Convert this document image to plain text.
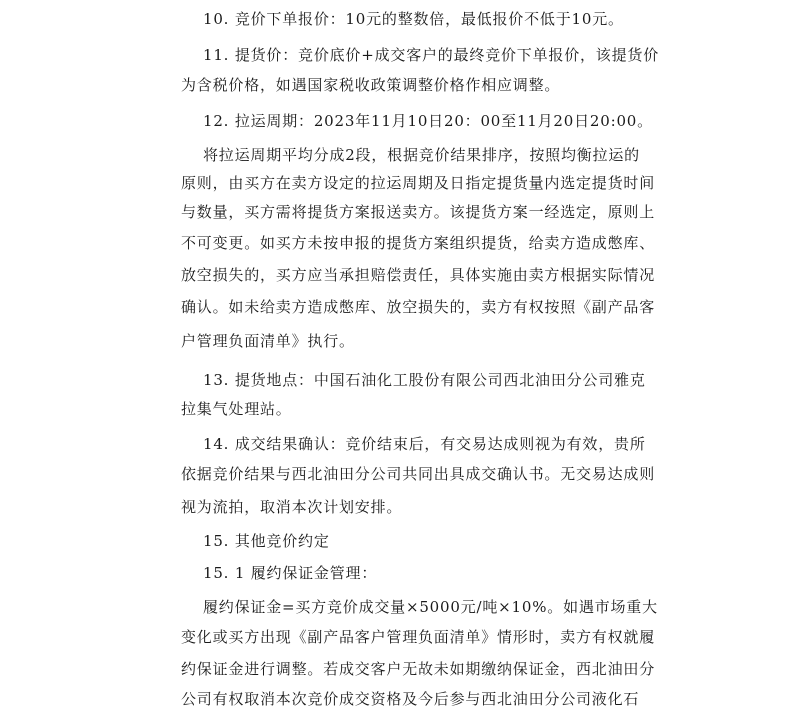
10. 竞价下单报价：10元的整数倍，最低报价不低于10元。
11. 提货价：竞价底价+成交客户的最终竞价下单报价，该提货价
为含税价格，如遇国家税收政策调整价格作相应调整。
12. 拉运周期：2023年11月10日20：00至11月20日20:00。
将拉运周期平均分成2段，根据竞价结果排序，按照均衡拉运的
原则，由买方在卖方设定的拉运周期及日指定提货量内选定提货时间
与数量，买方需将提货方案报送卖方。该提货方案一经选定，原则上
不可变更。如买方未按申报的提货方案组织提货，给卖方造成憋库、
放空损失的，买方应当承担赔偿责任，具体实施由卖方根据实际情况
确认。如未给卖方造成憋库、放空损失的，卖方有权按照《副产品客
户管理负面清单》执行。
13. 提货地点：中国石油化工股份有限公司西北油田分公司雅克
拉集气处理站。
14. 成交结果确认：竞价结束后，有交易达成则视为有效，贵所
依据竞价结果与西北油田分公司共同出具成交确认书。无交易达成则
视为流拍，取消本次计划安排。
15. 其他竞价约定
15. 1 履约保证金管理：
履约保证金=买方竞价成交量×5000元/吨×10%。如遇市场重大
变化或买方出现《副产品客户管理负面清单》情形时，卖方有权就履
约保证金进行调整。若成交客户无故未如期缴纳保证金，西北油田分
公司有权取消本次竞价成交资格及今后参与西北油田分公司液化石
